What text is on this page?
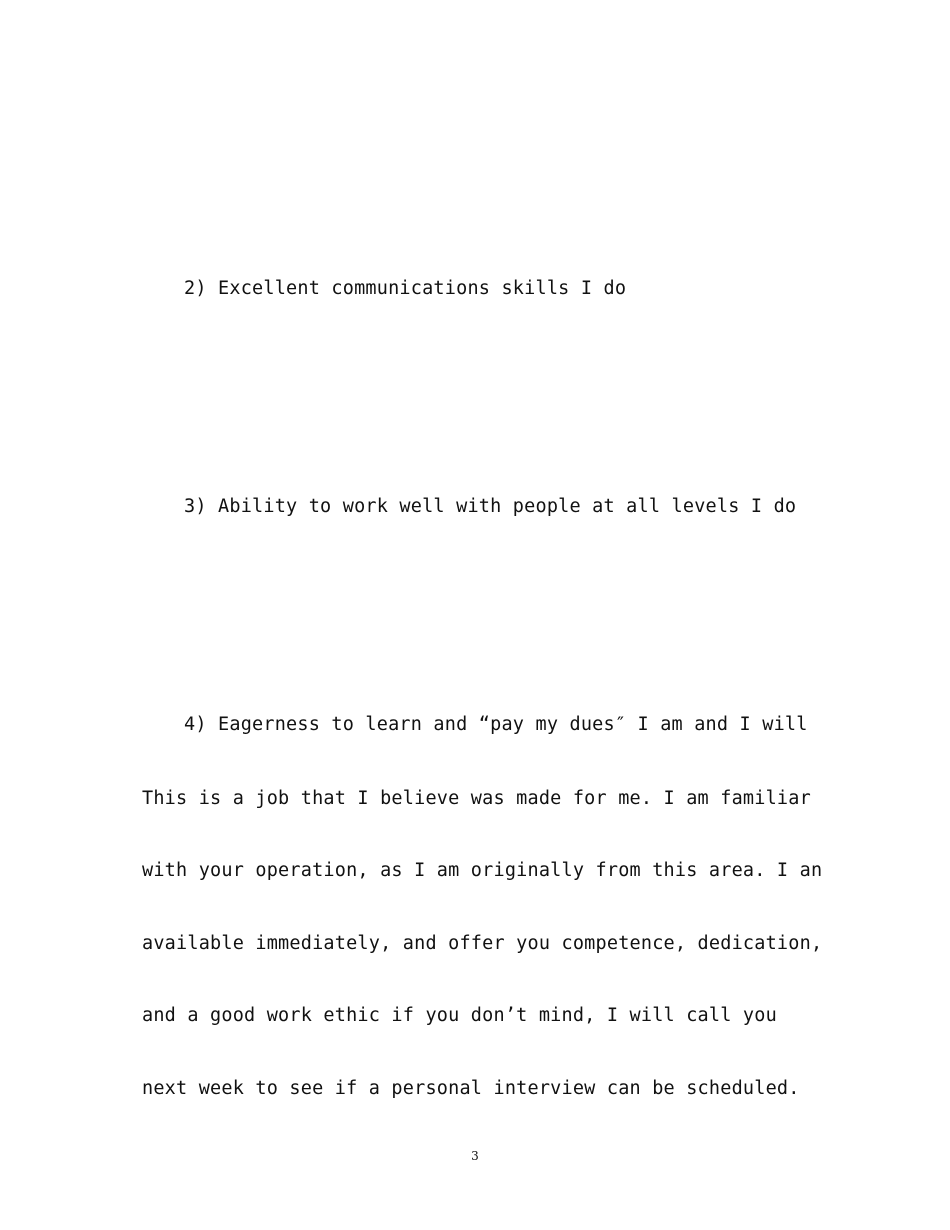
2) Excellent communications skills I do
3) Ability to work well with people at all levels I do
4) Eagerness to learn and “pay my dues″ I am and I will
This is a job that I believe was made for me. I am familiar
with your operation, as I am originally from this area. I an
available immediately, and offer you competence, dedication,
and a good work ethic if you don’t mind, I will call you
next week to see if a personal interview can be scheduled.
3
